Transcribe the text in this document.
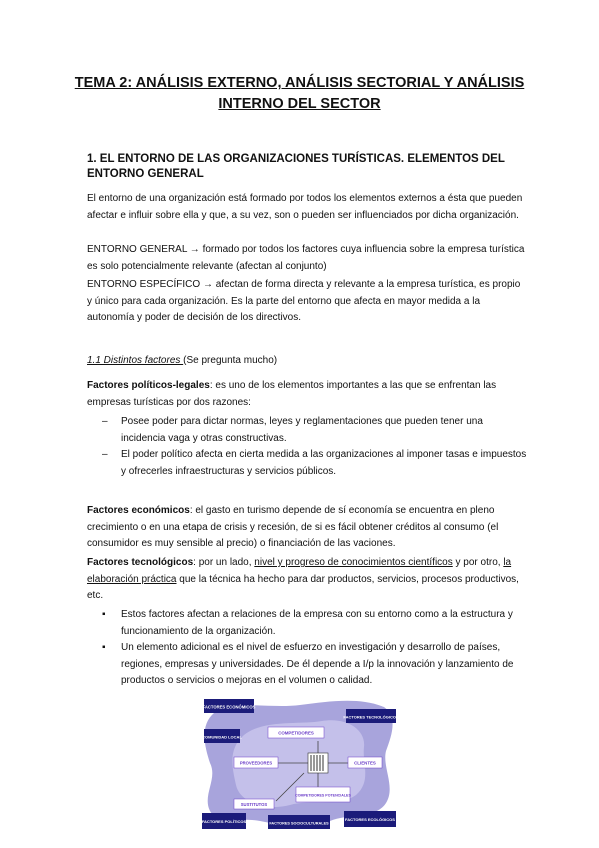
TEMA 2: ANÁLISIS EXTERNO, ANÁLISIS SECTORIAL Y ANÁLISIS INTERNO DEL SECTOR
1. EL ENTORNO DE LAS ORGANIZACIONES TURÍSTICAS. ELEMENTOS DEL ENTORNO GENERAL
El entorno de una organización está formado por todos los elementos externos a ésta que pueden afectar e influir sobre ella y que, a su vez, son o pueden ser influenciados por dicha organización.
ENTORNO GENERAL → formado por todos los factores cuya influencia sobre la empresa turística es solo potencialmente relevante (afectan al conjunto)
ENTORNO ESPECÍFICO → afectan de forma directa y relevante a la empresa turística, es propio y único para cada organización. Es la parte del entorno que afecta en mayor medida a la autonomía y poder de decisión de los directivos.
1.1 Distintos factores (Se pregunta mucho)
Factores políticos-legales: es uno de los elementos importantes a las que se enfrentan las empresas turísticas por dos razones:
– Posee poder para dictar normas, leyes y reglamentaciones que pueden tener una incidencia vaga y otras constructivas.
– El poder político afecta en cierta medida a las organizaciones al imponer tasas e impuestos y ofrecerles infraestructuras y servicios públicos.
Factores económicos: el gasto en turismo depende de sí economía se encuentra en pleno crecimiento o en una etapa de crisis y recesión, de si es fácil obtener créditos al consumo (el consumidor es muy sensible al precio) o financiación de las vaciones.
Factores tecnológicos: por un lado, nivel y progreso de conocimientos científicos y por otro, la elaboración práctica que la técnica ha hecho para dar productos, servicios, procesos productivos, etc.
▪ Estos factores afectan a relaciones de la empresa con su entorno como a la estructura y funcionamiento de la organización.
▪ Un elemento adicional es el nivel de esfuerzo en investigación y desarrollo de países, regiones, empresas y universidades. De él depende a I/p la innovación y lanzamiento de productos o servicios o mejoras en el volumen o calidad.
FACTORES ECONÓMICOS
FACTORES TECNOLÓGICOS
COMUNIDAD LOCAL
FACTORES POLÍTICOS	FACTORES SOCIOCULTURALES
FACTORES ECOLÓGICOS
COMPETIDORES
PROVEEDORES	CLIENTES
COMPETIDORES POTENCIALES
SUSTITUTOS
